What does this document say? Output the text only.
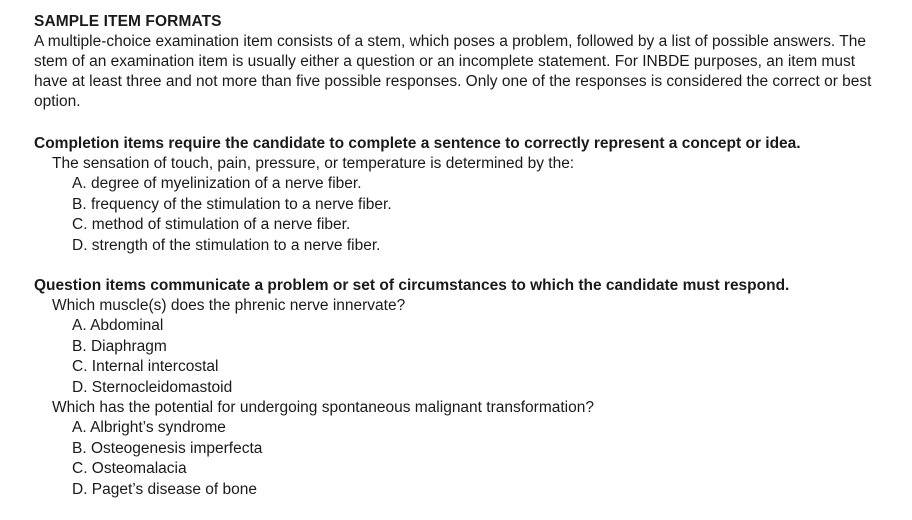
SAMPLE ITEM FORMATS

A multiple-choice examination item consists of a stem, which poses a problem, followed by a list of possible answers. The stem of an examination item is usually either a question or an incomplete statement. For INBDE purposes, an item must have at least three and not more than five possible responses. Only one of the responses is considered the correct or best option.

Completion items require the candidate to complete a sentence to correctly represent a concept or idea.

The sensation of touch, pain, pressure, or temperature is determined by the:

A. degree of myelinization of a nerve fiber.
B. frequency of the stimulation to a nerve fiber.
C. method of stimulation of a nerve fiber.
D. strength of the stimulation to a nerve fiber.

Question items communicate a problem or set of circumstances to which the candidate must respond.

Which muscle(s) does the phrenic nerve innervate?

A. Abdominal
B. Diaphragm
C. Internal intercostal
D. Sternocleidomastoid

Which has the potential for undergoing spontaneous malignant transformation?

A. Albright’s syndrome
B. Osteogenesis imperfecta
C. Osteomalacia
D. Paget’s disease of bone
